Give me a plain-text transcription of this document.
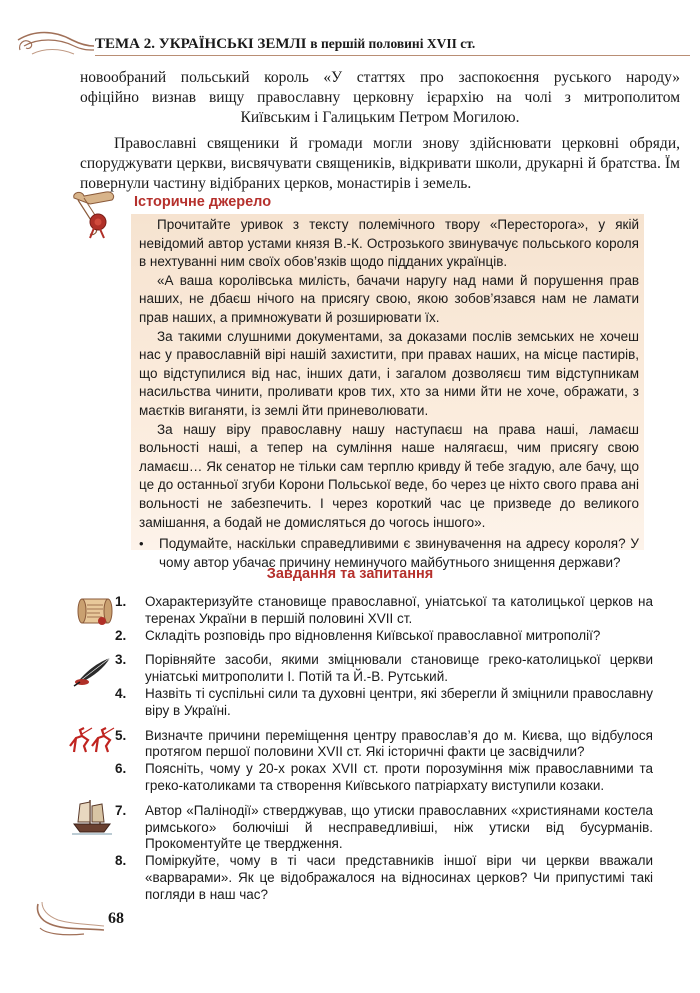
ТЕМА 2. УКРАЇНСЬКІ ЗЕМЛІ в першій половині XVII ст.

новообраний польський король «У статтях про заспокоєння руського народу»

офіційно визнав вищу православну церковну ієрархію на чолі з митрополитом

Київським і Галицьким Петром Могилою.

Православні священики й громади могли знову здійснювати церковні обряди, споруджувати церкви, висвячувати священиків, відкривати школи, друкарні й братства. Їм повернули частину відібраних церков, монастирів і земель.

Історичне джерело

Прочитайте уривок з тексту полемічного твору «Пересторога», у якій невідомий автор устами князя В.-К. Острозького звинувачує польського короля в нехтуванні ним своїх обов’язків щодо підданих українців.

«А ваша королівська милість, бачачи наругу над нами й порушення прав наших, не дбаєш нічого на присягу свою, якою зобов’язався нам не ламати прав наших, а примножувати й розширювати їх.

За такими слушними документами, за доказами послів земських не хочеш нас у православній вірі нашій захистити, при правах наших, на місце пастирів, що відступилися від нас, інших дати, і загалом дозволяєш тим відступникам насильства чинити, проливати кров тих, хто за ними йти не хоче, ображати, з маєтків виганяти, із землі йти приневолювати.

За нашу віру православну нашу наступаєш на права наші, ламаєш вольності наші, а тепер на сумління наше налягаєш, чим присягу свою ламаєш… Як сенатор не тільки сам терплю кривду й тебе згадую, але бачу, що це до останньої згуби Корони Польської веде, бо через це ніхто свого права ані вольності не забезпечить. І через короткий час це призведе до великого замішання, а бодай не домисляться до чогось іншого».

•	Подумайте, наскільки справедливими є звинувачення на адресу короля? У чому автор убачає причину неминучого майбутнього знищення держави?
Завдання та запитання
1.	Охарактеризуйте становище православної, уніатської та католицької церков на теренах України в першій половині XVII ст.
2.	Складіть розповідь про відновлення Київської православної митрополії?
3.	Порівняйте засоби, якими зміцнювали становище греко-католицької церкви уніатські митрополити І. Потій та Й.-В. Рутський.
4.	Назвіть ті суспільні сили та духовні центри, які зберегли й зміцнили православну віру в Україні.
5.	Визначте причини переміщення центру православ’я до м. Києва, що відбулося протягом першої половини XVII ст. Які історичні факти це засвідчили?
6.	Поясніть, чому у 20-х роках XVII ст. проти порозуміння між православними та греко-католиками та створення Київського патріархату виступили козаки.
7.	Автор «Палінодії» стверджував, що утиски православних «християнами костела римського» болючіші й несправедливіші, ніж утиски від бусурманів. Прокоментуйте це твердження.
8.	Поміркуйте, чому в ті часи представників іншої віри чи церкви вважали «варварами». Як це відображалося на відносинах церков? Чи припустимі такі погляди в наш час?
68
